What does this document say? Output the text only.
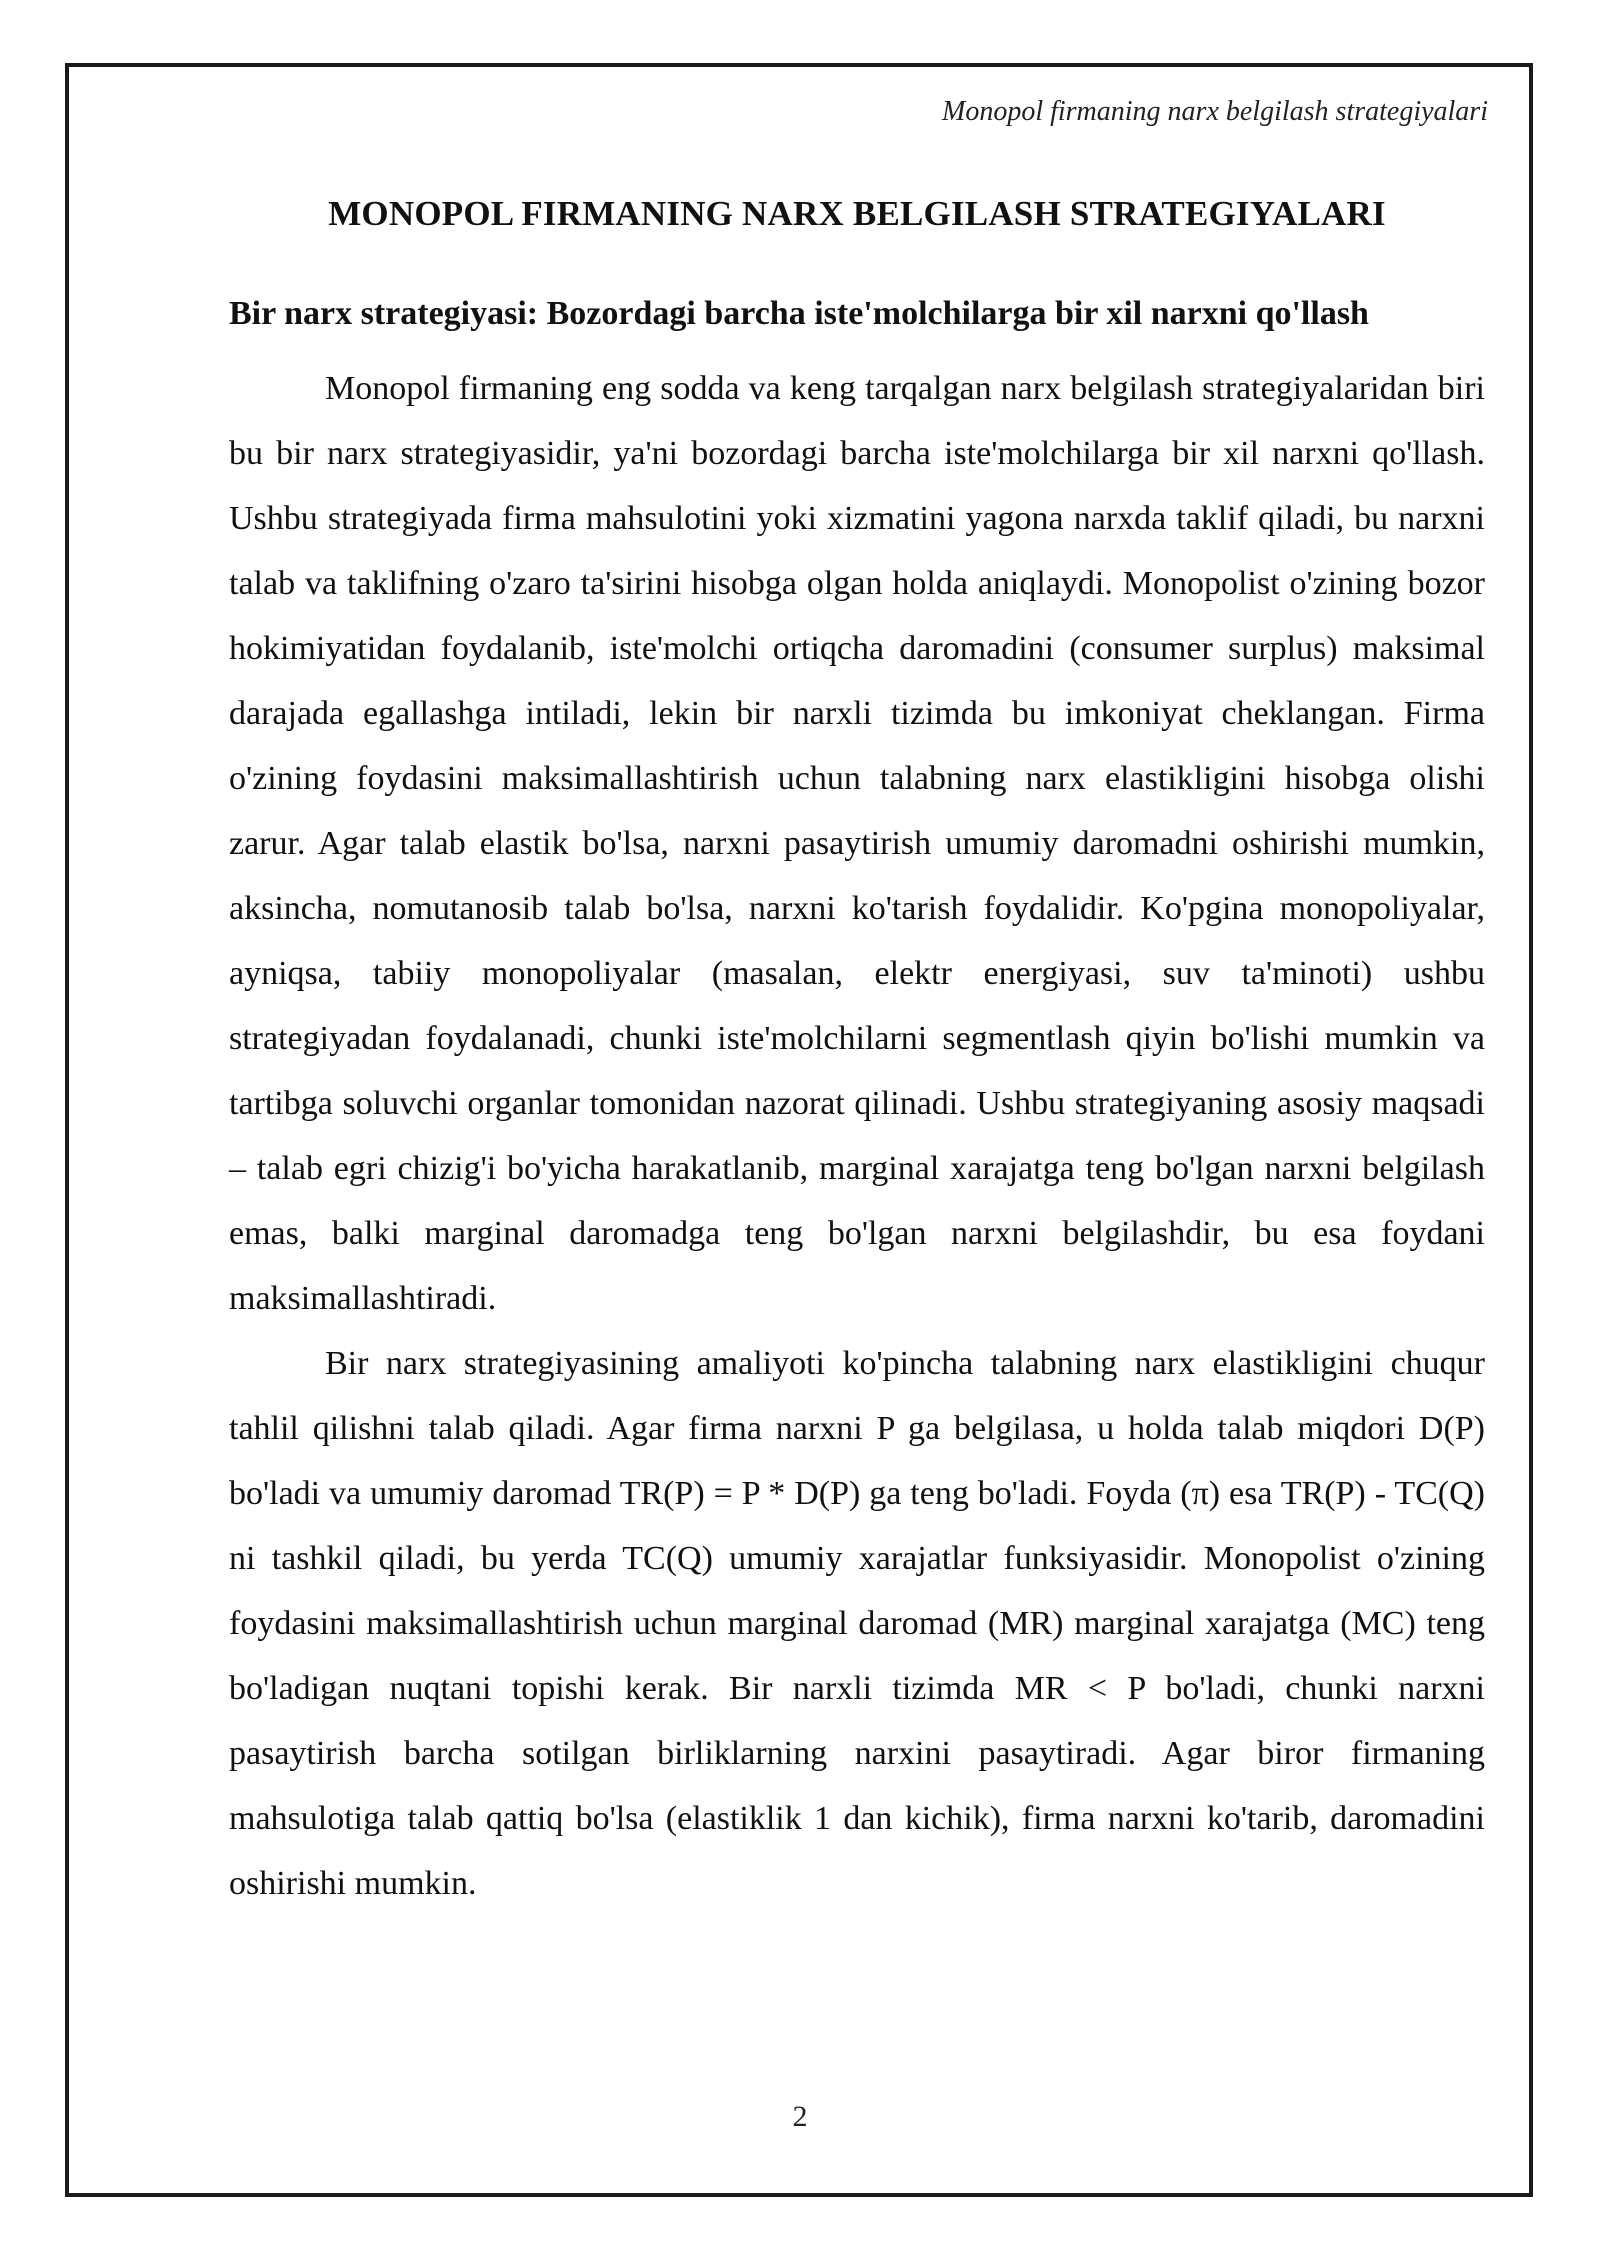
Monopol firmaning narx belgilash strategiyalari
MONOPOL FIRMANING NARX BELGILASH STRATEGIYALARI
Bir narx strategiyasi: Bozordagi barcha iste'molchilarga bir xil narxni qo'llash

Monopol firmaning eng sodda va keng tarqalgan narx belgilash strategiyalaridan biri bu bir narx strategiyasidir, ya'ni bozordagi barcha iste'molchilarga bir xil narxni qo'llash. Ushbu strategiyada firma mahsulotini yoki xizmatini yagona narxda taklif qiladi, bu narxni talab va taklifning o'zaro ta'sirini hisobga olgan holda aniqlaydi. Monopolist o'zining bozor hokimiyatidan foydalanib, iste'molchi ortiqcha daromadini (consumer surplus) maksimal darajada egallashga intiladi, lekin bir narxli tizimda bu imkoniyat cheklangan. Firma o'zining foydasini maksimallashtirish uchun talabning narx elastikligini hisobga olishi zarur. Agar talab elastik bo'lsa, narxni pasaytirish umumiy daromadni oshirishi mumkin, aksincha, nomutanosib talab bo'lsa, narxni ko'tarish foydalidir. Ko'pgina monopoliyalar, ayniqsa, tabiiy monopoliyalar (masalan, elektr energiyasi, suv ta'minoti) ushbu strategiyadan foydalanadi, chunki iste'molchilarni segmentlash qiyin bo'lishi mumkin va tartibga soluvchi organlar tomonidan nazorat qilinadi. Ushbu strategiyaning asosiy maqsadi – talab egri chizig'i bo'yicha harakatlanib, marginal xarajatga teng bo'lgan narxni belgilash emas, balki marginal daromadga teng bo'lgan narxni belgilashdir, bu esa foydani maksimallashtiradi.

Bir narx strategiyasining amaliyoti ko'pincha talabning narx elastikligini chuqur tahlil qilishni talab qiladi. Agar firma narxni P ga belgilasa, u holda talab miqdori D(P) bo'ladi va umumiy daromad TR(P) = P * D(P) ga teng bo'ladi. Foyda (π) esa TR(P) - TC(Q) ni tashkil qiladi, bu yerda TC(Q) umumiy xarajatlar funksiyasidir. Monopolist o'zining foydasini maksimallashtirish uchun marginal daromad (MR) marginal xarajatga (MC) teng bo'ladigan nuqtani topishi kerak. Bir narxli tizimda MR < P bo'ladi, chunki narxni pasaytirish barcha sotilgan birliklarning narxini pasaytiradi. Agar biror firmaning mahsulotiga talab qattiq bo'lsa (elastiklik 1 dan kichik), firma narxni ko'tarib, daromadini oshirishi mumkin.

2
